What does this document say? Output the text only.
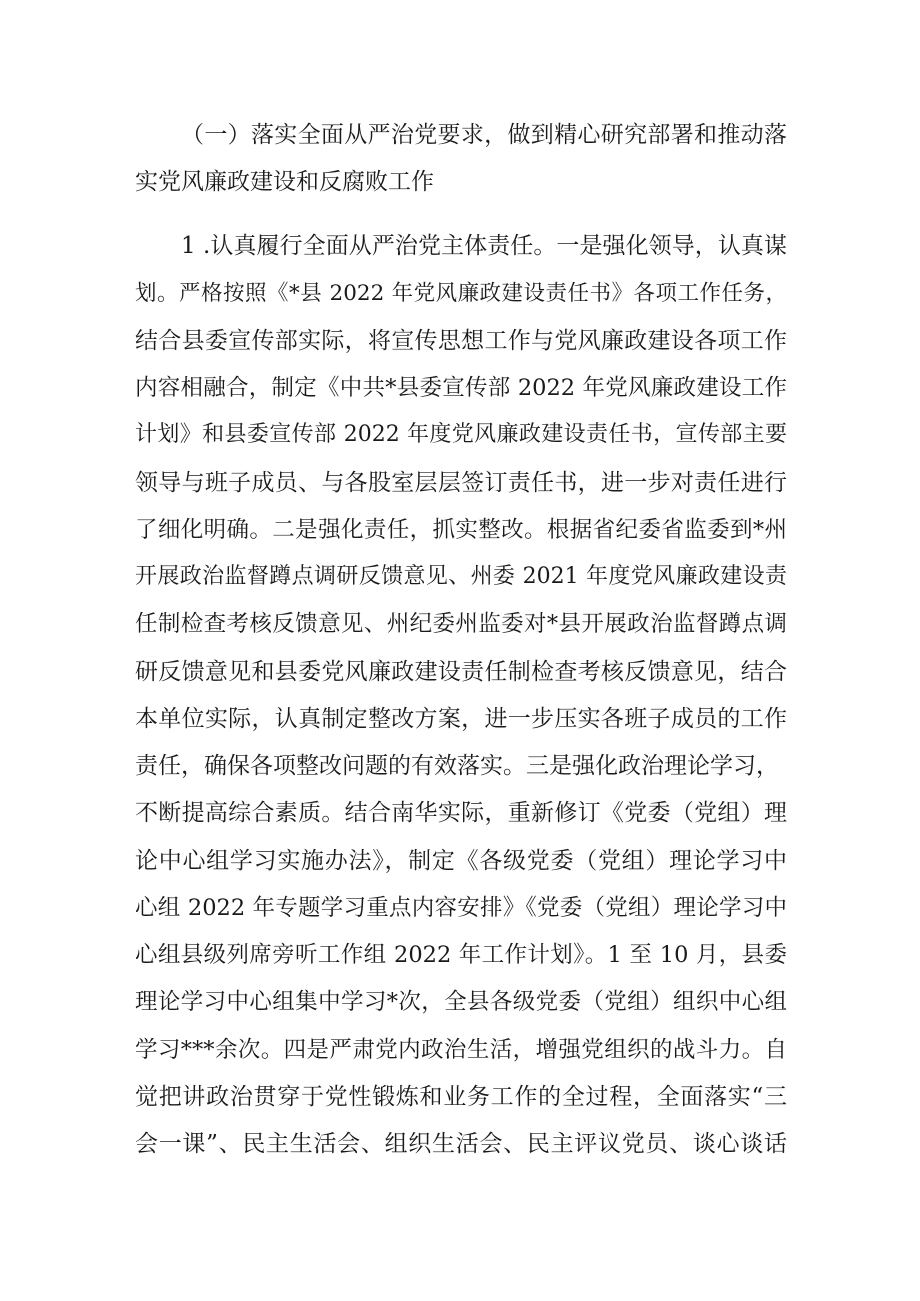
（一）落实全面从严治党要求，做到精心研究部署和推动落
实党风廉政建设和反腐败工作
1 .认真履行全面从严治党主体责任。一是强化领导，认真谋
划。严格按照《*县 2022 年党风廉政建设责任书》各项工作任务，
结合县委宣传部实际，将宣传思想工作与党风廉政建设各项工作
内容相融合，制定《中共*县委宣传部 2022 年党风廉政建设工作
计划》和县委宣传部 2022 年度党风廉政建设责任书，宣传部主要
领导与班子成员、与各股室层层签订责任书，进一步对责任进行
了细化明确。二是强化责任，抓实整改。根据省纪委省监委到*州
开展政治监督蹲点调研反馈意见、州委 2021 年度党风廉政建设责
任制检查考核反馈意见、州纪委州监委对*县开展政治监督蹲点调
研反馈意见和县委党风廉政建设责任制检查考核反馈意见，结合
本单位实际，认真制定整改方案，进一步压实各班子成员的工作
责任，确保各项整改问题的有效落实。三是强化政治理论学习，
不断提高综合素质。结合南华实际，重新修订《党委（党组）理
论中心组学习实施办法》，制定《各级党委（党组）理论学习中
心组 2022 年专题学习重点内容安排》《党委（党组）理论学习中
心组县级列席旁听工作组 2022 年工作计划》。1 至 10 月，县委
理论学习中心组集中学习*次，全县各级党委（党组）组织中心组
学习***余次。四是严肃党内政治生活，增强党组织的战斗力。自
觉把讲政治贯穿于党性锻炼和业务工作的全过程，全面落实“三
会一课”、民主生活会、组织生活会、民主评议党员、谈心谈话
